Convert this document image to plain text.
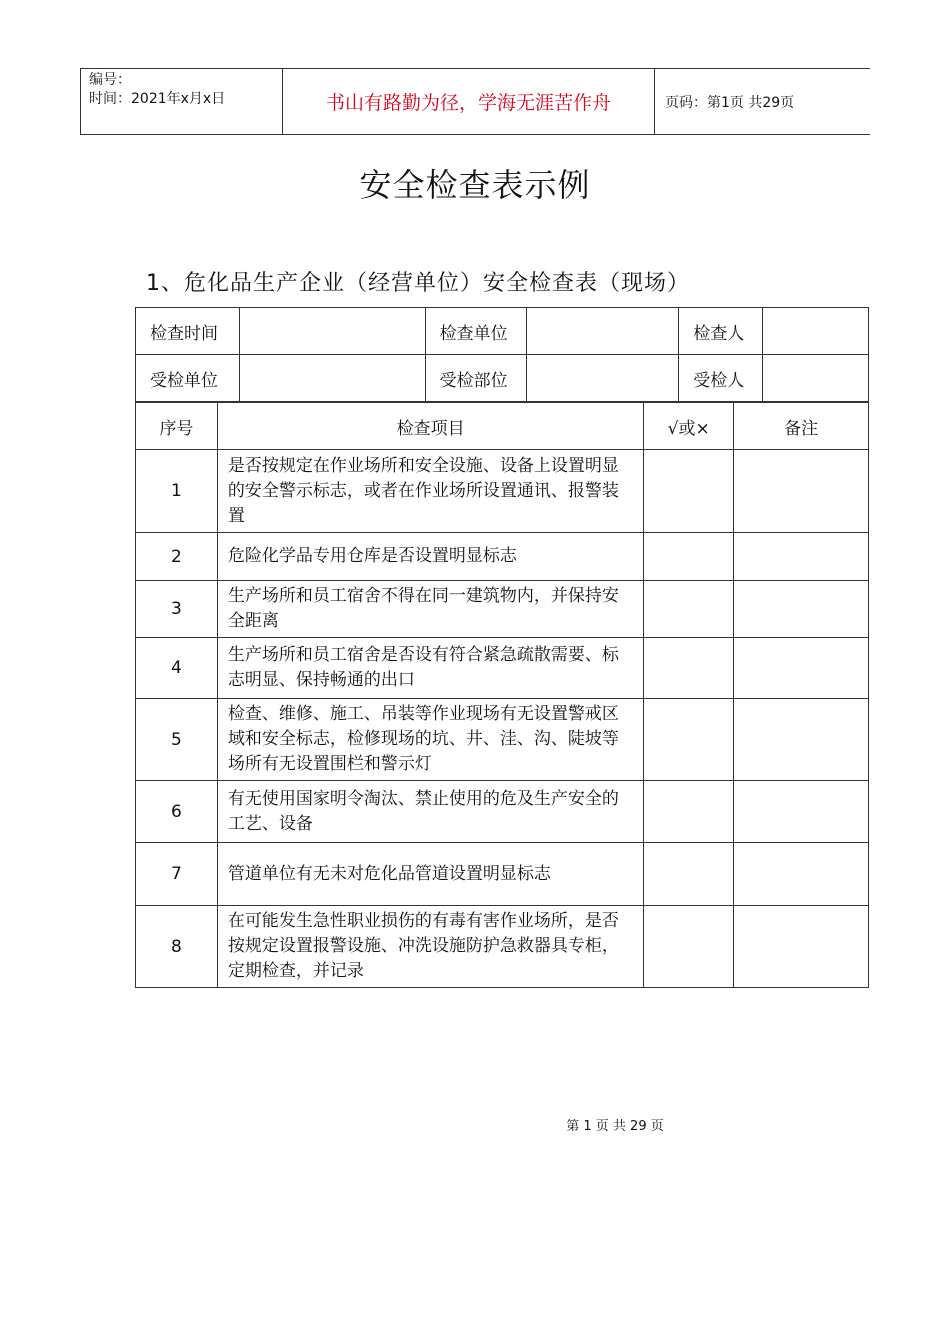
编号：
时间：2021年x月x日	书山有路勤为径，学海无涯苦作舟	页码：第1页 共29页
安全检查表示例
1、危化品生产企业（经营单位）安全检查表（现场）
检查时间		检查单位		检查人	
受检单位		受检部位		受检人	
序号	检查项目	√或×	备注
1	是否按规定在作业场所和安全设施、设备上设置明显的安全警示标志，或者在作业场所设置通讯、报警装置		
2	危险化学品专用仓库是否设置明显标志		
3	生产场所和员工宿舍不得在同一建筑物内，并保持安全距离		
4	生产场所和员工宿舍是否设有符合紧急疏散需要、标志明显、保持畅通的出口		
5	检查、维修、施工、吊装等作业现场有无设置警戒区域和安全标志，检修现场的坑、井、洼、沟、陡坡等场所有无设置围栏和警示灯		
6	有无使用国家明令淘汰、禁止使用的危及生产安全的工艺、设备		
7	管道单位有无未对危化品管道设置明显标志		
8	在可能发生急性职业损伤的有毒有害作业场所，是否按规定设置报警设施、冲洗设施防护急救器具专柜，定期检查，并记录		
第 1 页 共 29 页
